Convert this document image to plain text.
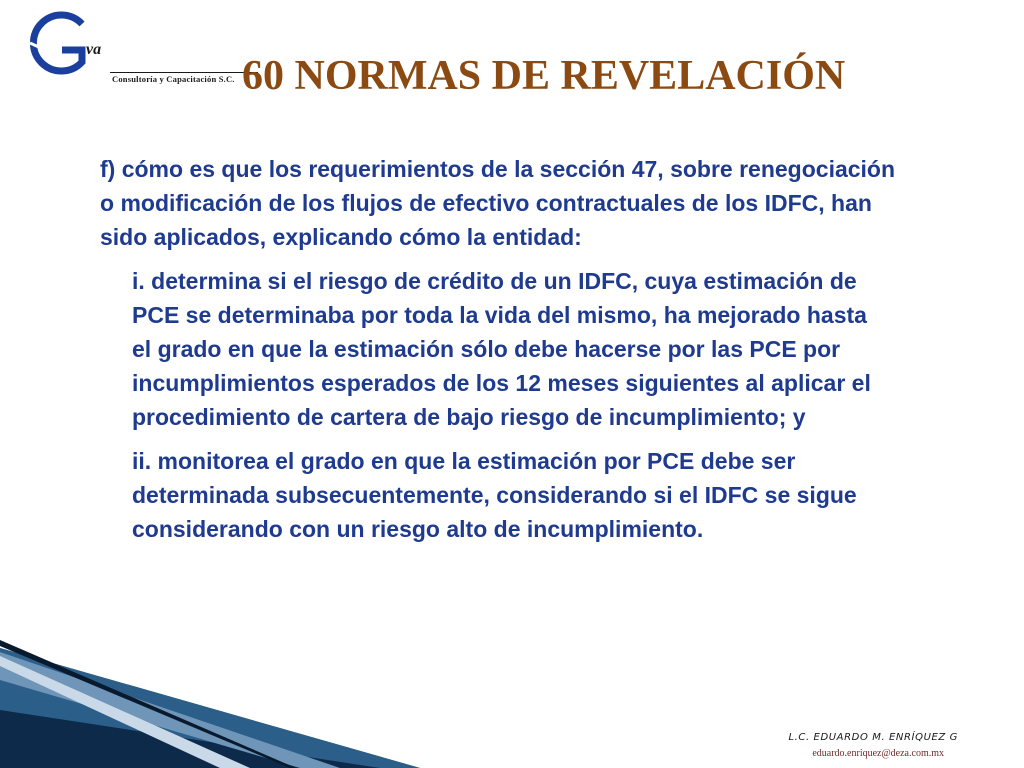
va
Consultoría y Capacitación S.C. 60 NORMAS DE REVELACIÓN

f) cómo es que los requerimientos de la sección 47, sobre renegociación o modificación de los flujos de efectivo contractuales de los IDFC, han sido aplicados, explicando cómo la entidad:

i. determina si el riesgo de crédito de un IDFC, cuya estimación de PCE se determinaba por toda la vida del mismo, ha mejorado hasta el grado en que la estimación sólo debe hacerse por las PCE por incumplimientos esperados de los 12 meses siguientes al aplicar el procedimiento de cartera de bajo riesgo de incumplimiento; y

ii. monitorea el grado en que la estimación por PCE debe ser determinada subsecuentemente, considerando si el IDFC se sigue considerando con un riesgo alto de incumplimiento.

L.C. EDUARDO M. ENRÍQUEZ G
eduardo.enriquez@deza.com.mx
